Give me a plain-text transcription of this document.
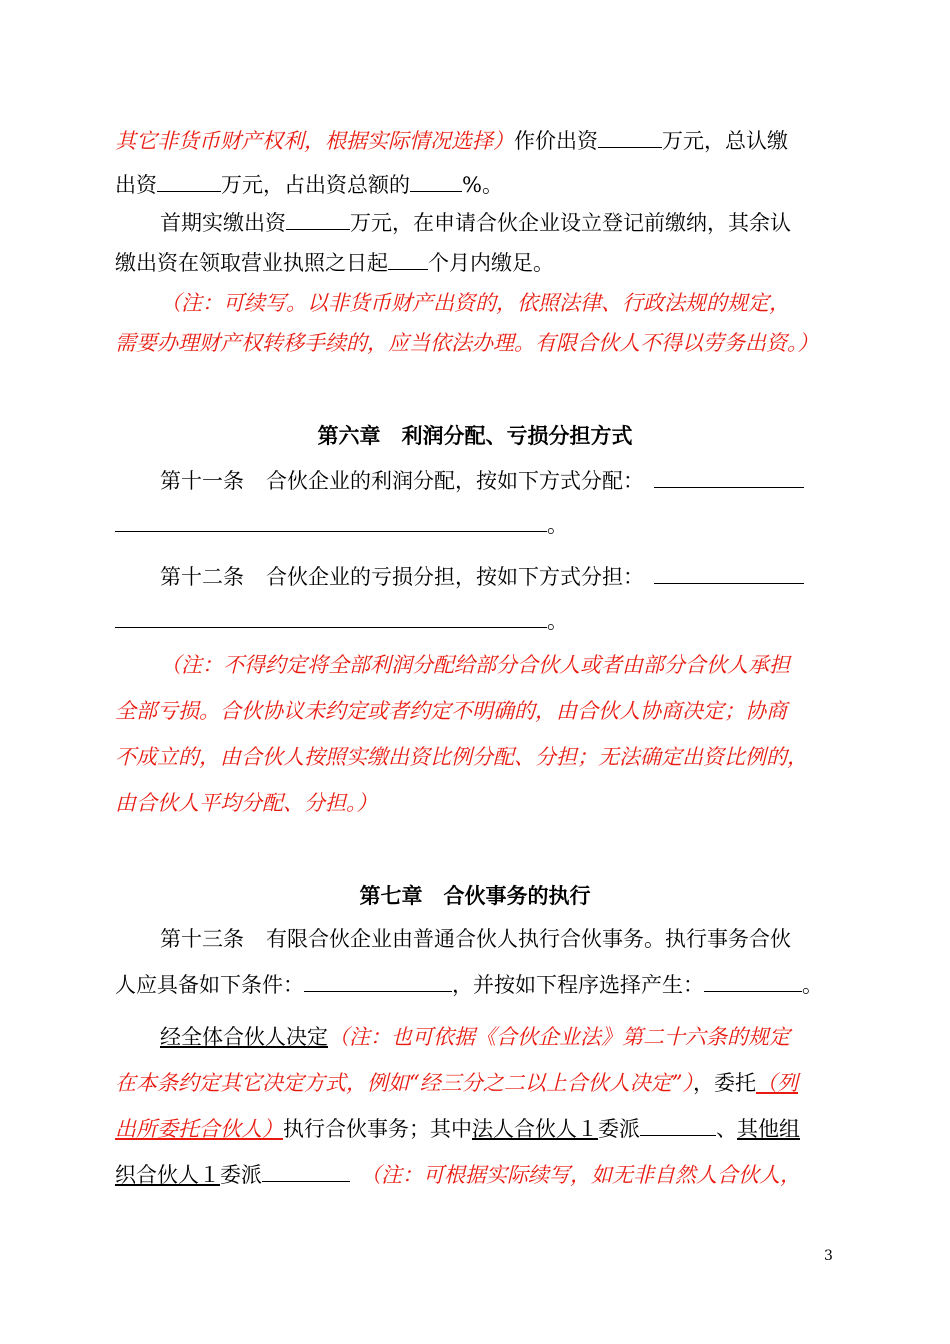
其它非货币财产权利，根据实际情况选择）作价出资	万元，总认缴
出资	万元，占出资总额的 %。
首期实缴出资	万元，在申请合伙企业设立登记前缴纳，其余认
缴出资在领取营业执照之日起 个月内缴足。
（注：可续写。以非货币财产出资的，依照法律、行政法规的规定，
需要办理财产权转移手续的，应当依法办理。有限合伙人不得以劳务出资。）
第六章　利润分配、亏损分担方式
第十一条 合伙企业的利润分配，按如下方式分配：
。
第十二条 合伙企业的亏损分担，按如下方式分担：
。
（注：不得约定将全部利润分配给部分合伙人或者由部分合伙人承担
全部亏损。合伙协议未约定或者约定不明确的，由合伙人协商决定；协商
不成立的，由合伙人按照实缴出资比例分配、分担；无法确定出资比例的，
由合伙人平均分配、分担。）
第七章　合伙事务的执行
第十三条 有限合伙企业由普通合伙人执行合伙事务。执行事务合伙
人应具备如下条件：	，并按如下程序选择产生：	。
经全体合伙人决定（注：也可依据《合伙企业法》第二十六条的规定
在本条约定其它决定方式，例如“经三分之二以上合伙人决定”），委托（列
出所委托合伙人）执行合伙事务；其中法人合伙人１委派	、其他组
织合伙人１委派	（注：可根据实际续写，如无非自然人合伙人，
3
